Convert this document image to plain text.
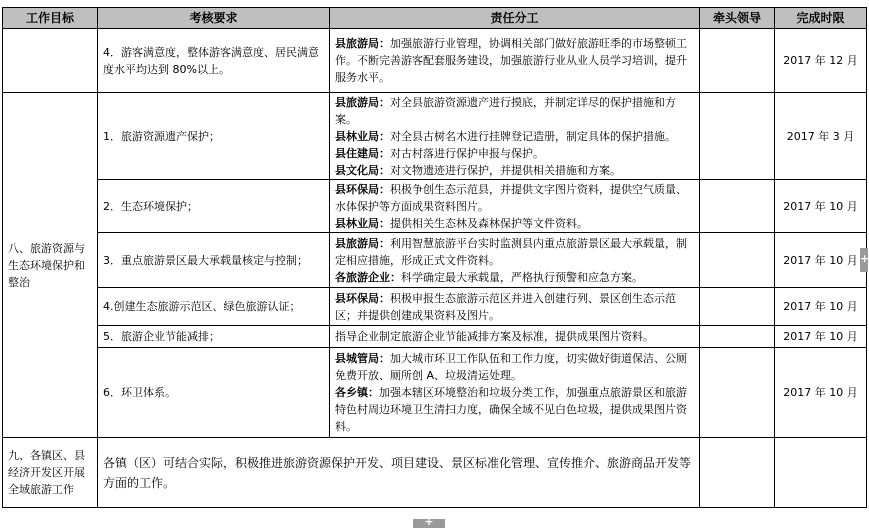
工作目标	考核要求	责任分工	牵头领导	完成时限
	4．游客满意度，整体游客满意度、居民满意度水平均达到 80%以上。	县旅游局：加强旅游行业管理，协调相关部门做好旅游旺季的市场整顿工作。不断完善游客配套服务建设，加强旅游行业从业人员学习培训，提升服务水平。		2017 年 12 月
八、旅游资源与生态环境保护和整治	1．旅游资源遗产保护；	县旅游局：对全县旅游资源遗产进行摸底，并制定详尽的保护措施和方案。
县林业局：对全县古树名木进行挂牌登记造册，制定具体的保护措施。
县住建局：对古村落进行保护申报与保护。
县文化局：对文物遗迹进行保护，并提供相关措施和方案。		2017 年 3 月
	2．生态环境保护；	县环保局：积极争创生态示范县，并提供文字图片资料，提供空气质量、水体保护等方面成果资料图片。
县林业局：提供相关生态林及森林保护等文件资料。		2017 年 10 月
	3．重点旅游景区最大承载量核定与控制；	县旅游局：利用智慧旅游平台实时监测县内重点旅游景区最大承载量，制定相应措施，形成正式文件资料。
各旅游企业：科学确定最大承载量，严格执行预警和应急方案。		2017 年 10 月
	4.创建生态旅游示范区、绿色旅游认证；	县环保局：积极申报生态旅游示范区并进入创建行列、景区创生态示范区；并提供创建成果资料及图片。		2017 年 10 月
	5．旅游企业节能减排；	指导企业制定旅游企业节能减排方案及标准，提供成果图片资料。		2017 年 10 月
	6．环卫体系。	县城管局：加大城市环卫工作队伍和工作力度，切实做好街道保洁、公厕免费开放、厕所创 A、垃圾清运处理。
各乡镇：加强本辖区环境整治和垃圾分类工作，加强重点旅游景区和旅游特色村周边环境卫生清扫力度，确保全域不见白色垃圾，提供成果图片资料。		2017 年 10 月
九、各镇区、县经济开发区开展全域旅游工作	各镇（区）可结合实际，积极推进旅游资源保护开发、项目建设、景区标准化管理、宣传推介、旅游商品开发等方面的工作。			
+
+
